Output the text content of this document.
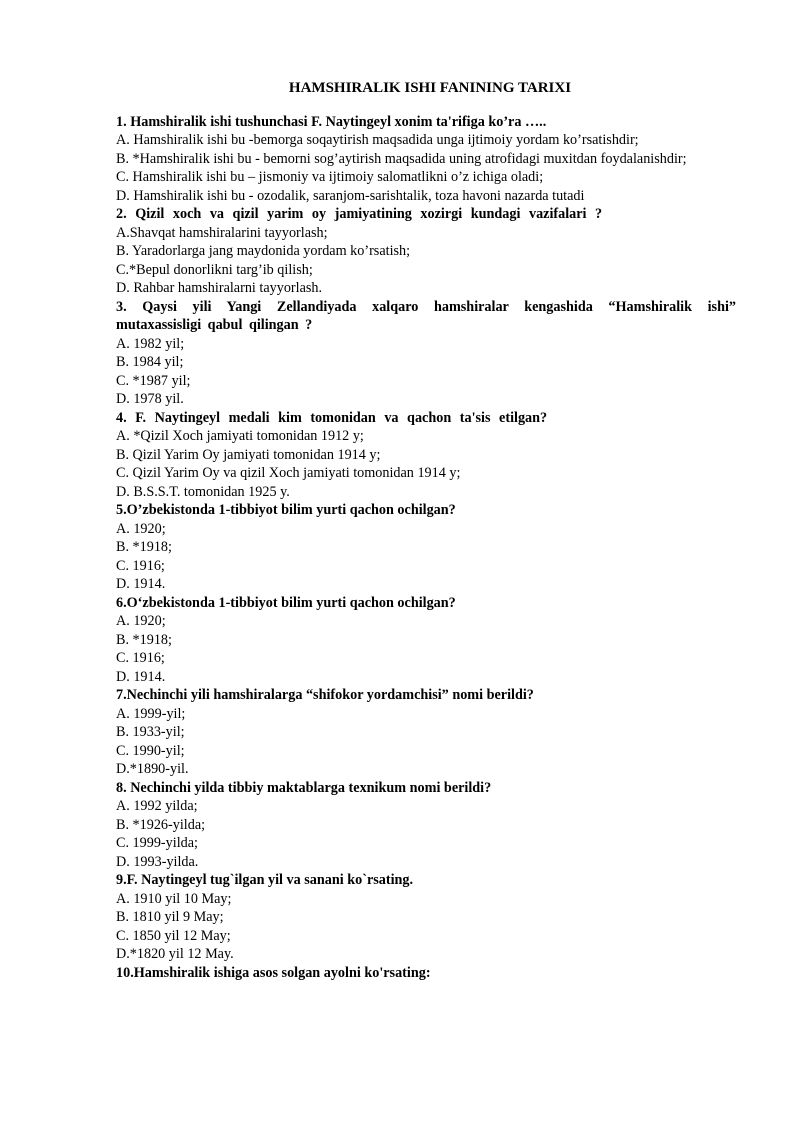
HAMSHIRALIK ISHI FANINING TARIXI

1. Hamshiralik ishi tushunchasi F. Naytingeyl xonim ta'rifiga ko’ra …..

A. Hamshiralik ishi bu -bemorga soqaytirish maqsadida unga ijtimoiy yordam ko’rsatishdir;

B. *Hamshiralik ishi bu - bemorni sog’aytirish maqsadida uning atrofidagi muxitdan foydalanishdir;

C. Hamshiralik ishi bu – jismoniy va ijtimoiy salomatlikni o’z ichiga oladi;

D. Hamshiralik ishi bu - ozodalik, saranjom-sarishtalik, toza havoni nazarda tutadi

2. Qizil xoch va qizil yarim oy jamiyatining xozirgi kundagi vazifalari ?

A.Shavqat hamshiralarini tayyorlash;

B. Yaradorlarga jang maydonida yordam ko’rsatish;

C.*Bepul donorlikni targ’ib qilish;

D. Rahbar hamshiralarni tayyorlash.

3. Qaysi yili Yangi Zellandiyada xalqaro hamshiralar kengashida “Hamshiralik ishi” mutaxassisligi qabul qilingan ?

A. 1982 yil;

B. 1984 yil;

C. *1987 yil;

D. 1978 yil.

4. F. Naytingeyl medali kim tomonidan va qachon ta'sis etilgan?

A. *Qizil Xoch jamiyati tomonidan 1912 y;

B. Qizil Yarim Oy jamiyati tomonidan 1914 y;

C. Qizil Yarim Oy va qizil Xoch jamiyati tomonidan 1914 y;

D. B.S.S.T. tomonidan 1925 y.

5.O’zbekistonda 1-tibbiyot bilim yurti qachon ochilgan?

A. 1920;

B. *1918;

C. 1916;

D. 1914.

6.O‘zbekistonda 1-tibbiyot bilim yurti qachon ochilgan?

A. 1920;

B. *1918;

C. 1916;

D. 1914.

7.Nechinchi yili hamshiralarga “shifokor yordamchisi” nomi berildi?

A. 1999-yil;

B. 1933-yil;

C. 1990-yil;

D.*1890-yil.

8. Nechinchi yilda tibbiy maktablarga texnikum nomi berildi?

A. 1992 yilda;

B. *1926-yilda;

C. 1999-yilda;

D. 1993-yilda.

9.F. Naytingeyl tug`ilgan yil va sanani ko`rsating.

A. 1910 yil 10 May;

B. 1810 yil 9 May;

C. 1850 yil 12 May;

D.*1820 yil 12 May.

10.Hamshiralik ishiga asos solgan ayolni ko'rsating:
